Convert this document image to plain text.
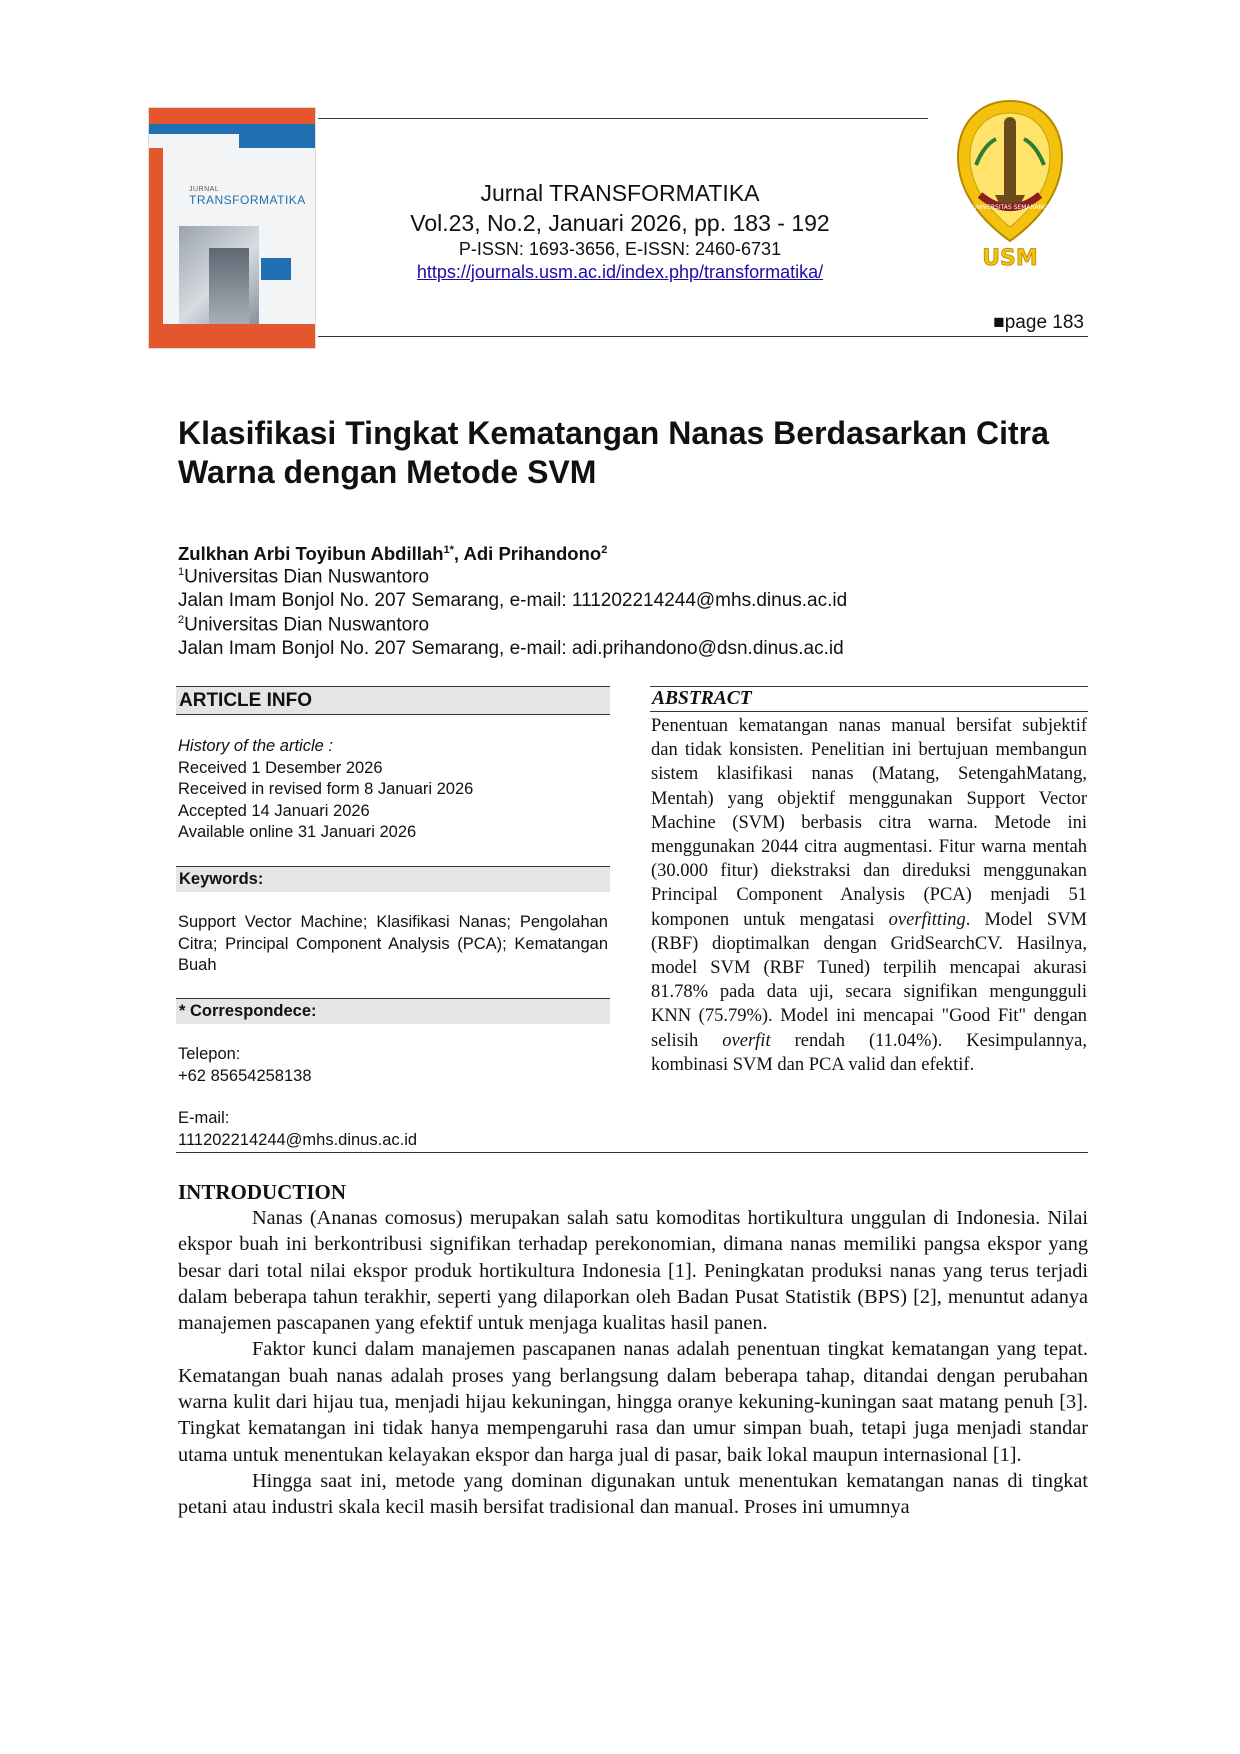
JURNAL
TRANSFORMATIKA	Jurnal TRANSFORMATIKA
Vol.23, No.2, Januari 2026, pp. 183 - 192
P-ISSN: 1693-3656, E-ISSN: 2460-6731
https://journals.usm.ac.id/index.php/transformatika/
UNIVERSITAS SEMARANG
USM
■page 183
Klasifikasi Tingkat Kematangan Nanas Berdasarkan Citra Warna dengan Metode SVM
Zulkhan Arbi Toyibun Abdillah$^{1*}$, Adi Prihandono$^2$
$^1$Universitas Dian Nuswantoro
Jalan Imam Bonjol No. 207 Semarang, e-mail: 111202214244@mhs.dinus.ac.id
$^2$Universitas Dian Nuswantoro
Jalan Imam Bonjol No. 207 Semarang, e-mail: adi.prihandono@dsn.dinus.ac.id
ARTICLE INFO
History of the article :
Received 1 Desember 2026
Received in revised form 8 Januari 2026
Accepted 14 Januari 2026
Available online 31 Januari 2026
Keywords:
Support Vector Machine; Klasifikasi Nanas; Pengolahan Citra; Principal Component Analysis (PCA); Kematangan Buah
* Correspondece:
Telepon:
+62 85654258138
E-mail:
111202214244@mhs.dinus.ac.id
ABSTRACT
Penentuan kematangan nanas manual bersifat subjektif dan tidak konsisten. Penelitian ini bertujuan membangun sistem klasifikasi nanas (Matang, SetengahMatang, Mentah) yang objektif menggunakan Support Vector Machine (SVM) berbasis citra warna. Metode ini menggunakan 2044 citra augmentasi. Fitur warna mentah (30.000 fitur) diekstraksi dan direduksi menggunakan Principal Component Analysis (PCA) menjadi 51 komponen untuk mengatasi overfitting. Model SVM (RBF) dioptimalkan dengan GridSearchCV. Hasilnya, model SVM (RBF Tuned) terpilih mencapai akurasi 81.78% pada data uji, secara signifikan mengungguli KNN (75.79%). Model ini mencapai "Good Fit" dengan selisih overfit rendah (11.04%). Kesimpulannya, kombinasi SVM dan PCA valid dan efektif.
INTRODUCTION

Nanas (Ananas comosus) merupakan salah satu komoditas hortikultura unggulan di Indonesia. Nilai ekspor buah ini berkontribusi signifikan terhadap perekonomian, dimana nanas memiliki pangsa ekspor yang besar dari total nilai ekspor produk hortikultura Indonesia [1]. Peningkatan produksi nanas yang terus terjadi dalam beberapa tahun terakhir, seperti yang dilaporkan oleh Badan Pusat Statistik (BPS) [2], menuntut adanya manajemen pascapanen yang efektif untuk menjaga kualitas hasil panen.

Faktor kunci dalam manajemen pascapanen nanas adalah penentuan tingkat kematangan yang tepat. Kematangan buah nanas adalah proses yang berlangsung dalam beberapa tahap, ditandai dengan perubahan warna kulit dari hijau tua, menjadi hijau kekuningan, hingga oranye kekuning-kuningan saat matang penuh [3]. Tingkat kematangan ini tidak hanya mempengaruhi rasa dan umur simpan buah, tetapi juga menjadi standar utama untuk menentukan kelayakan ekspor dan harga jual di pasar, baik lokal maupun internasional [1].

Hingga saat ini, metode yang dominan digunakan untuk menentukan kematangan nanas di tingkat petani atau industri skala kecil masih bersifat tradisional dan manual. Proses ini umumnya
